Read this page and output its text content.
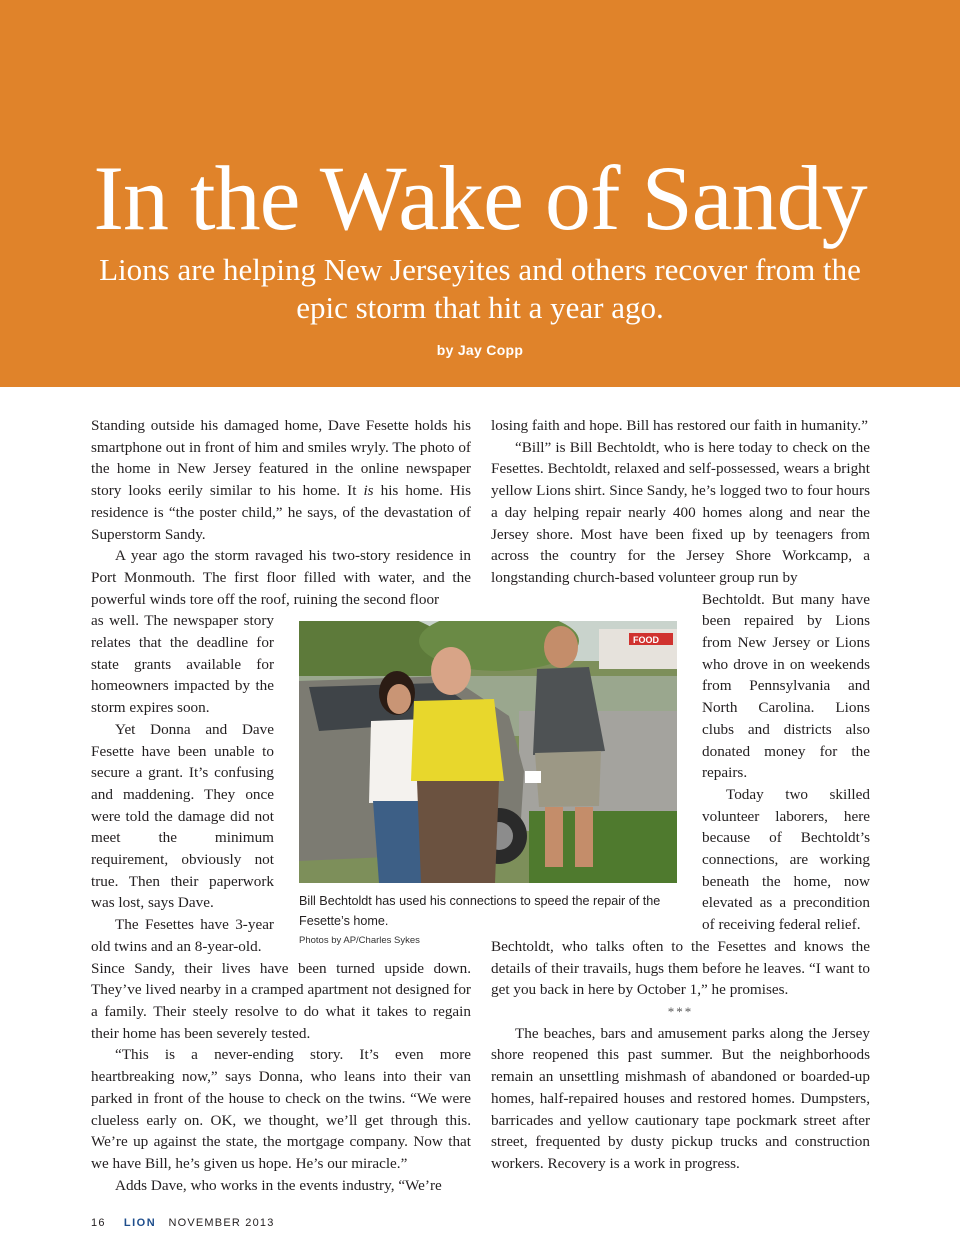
In the Wake of Sandy
Lions are helping New Jerseyites and others recover from the epic storm that hit a year ago.
by Jay Copp

Standing outside his damaged home, Dave Fesette holds his smartphone out in front of him and smiles wryly. The photo of the home in New Jersey featured in the online newspaper story looks eerily similar to his home. It is his home. His residence is “the poster child,” he says, of the devastation of Superstorm Sandy.

A year ago the storm ravaged his two-story residence in Port Monmouth. The first floor filled with water, and the powerful winds tore off the roof, ruining the second floor

as well. The newspaper story relates that the deadline for state grants available for homeowners impacted by the storm expires soon.

Yet Donna and Dave Fesette have been unable to secure a grant. It’s confusing and maddening. They once were told the damage did not meet the minimum requirement, obviously not true. Then their paperwork was lost, says Dave.

The Fesettes have 3-year old twins and an 8-year-old.

Since Sandy, their lives have been turned upside down. They’ve lived nearby in a cramped apartment not designed for a family. Their steely resolve to do what it takes to regain their home has been severely tested.

“This is a never-ending story. It’s even more heartbreaking now,” says Donna, who leans into their van parked in front of the house to check on the twins. “We were clueless early on. OK, we thought, we’ll get through this. We’re up against the state, the mortgage company. Now that we have Bill, he’s given us hope. He’s our miracle.”

Adds Dave, who works in the events industry, “We’re

losing faith and hope. Bill has restored our faith in humanity.”

“Bill” is Bill Bechtoldt, who is here today to check on the Fesettes. Bechtoldt, relaxed and self-possessed, wears a bright yellow Lions shirt. Since Sandy, he’s logged two to four hours a day helping repair nearly 400 homes along and near the Jersey shore. Most have been fixed up by teenagers from across the country for the Jersey Shore Workcamp, a longstanding church-based volunteer group run by

Bechtoldt. But many have been repaired by Lions from New Jersey or Lions who drove in on weekends from Pennsylvania and North Carolina. Lions clubs and districts also donated money for the repairs.

Today two skilled volunteer laborers, here because of Bechtoldt’s connections, are working beneath the home, now elevated as a precondition of receiving federal relief.

Bechtoldt, who talks often to the Fesettes and knows the details of their travails, hugs them before he leaves. “I want to get you back in here by October 1,” he promises.

***

The beaches, bars and amusement parks along the Jersey shore reopened this past summer. But the neighborhoods remain an unsettling mishmash of abandoned or boarded-up homes, half-repaired houses and restored homes. Dumpsters, barricades and yellow cautionary tape pockmark street after street, frequented by dusty pickup trucks and construction workers. Recovery is a work in progress.

FOOD
Bill Bechtoldt has used his connections to speed the repair of the Fesette’s home.
Photos by AP/Charles Sykes
16 LION NOVEMBER 2013
